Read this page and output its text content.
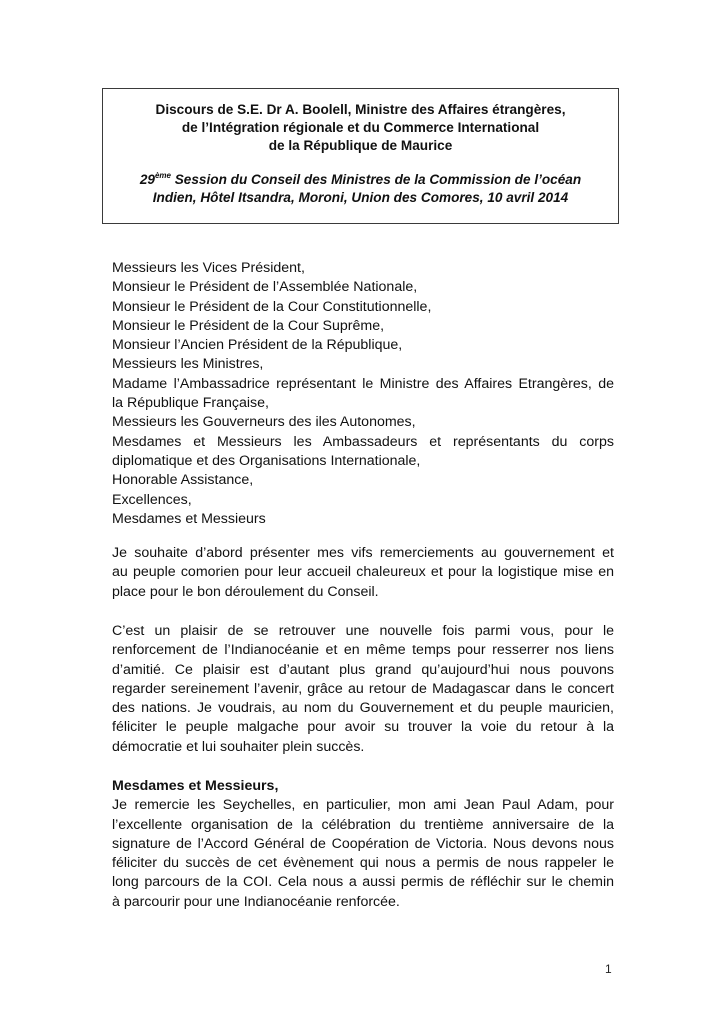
Discours de S.E. Dr A. Boolell, Ministre des Affaires étrangères,
de l’Intégration régionale et du Commerce International
de la République de Maurice
29ème Session du Conseil des Ministres de la Commission de l’océan
Indien, Hôtel Itsandra, Moroni, Union des Comores, 10 avril 2014
Messieurs les Vices Président,
Monsieur le Président de l’Assemblée Nationale,
Monsieur le Président de la Cour Constitutionnelle,
Monsieur le Président de la Cour Suprême,
Monsieur l’Ancien Président de la République,
Messieurs les Ministres,
Madame l’Ambassadrice représentant le Ministre des Affaires Etrangères, de
la République Française,
Messieurs les Gouverneurs des iles Autonomes,
Mesdames et Messieurs les Ambassadeurs et représentants du corps
diplomatique et des Organisations Internationale,
Honorable Assistance,
Excellences,
Mesdames et Messieurs
Je souhaite d’abord présenter mes vifs remerciements au gouvernement et
au peuple comorien pour leur accueil chaleureux et pour la logistique mise en
place pour le bon déroulement du Conseil.
C’est un plaisir de se retrouver une nouvelle fois parmi vous, pour le
renforcement de l’Indianocéanie et en même temps pour resserrer nos liens
d’amitié. Ce plaisir est d’autant plus grand qu’aujourd’hui nous pouvons
regarder sereinement l’avenir, grâce au retour de Madagascar dans le concert
des nations. Je voudrais, au nom du Gouvernement et du peuple mauricien,
féliciter le peuple malgache pour avoir su trouver la voie du retour à la
démocratie et lui souhaiter plein succès.
Mesdames et Messieurs,
Je remercie les Seychelles, en particulier, mon ami Jean Paul Adam, pour
l’excellente organisation de la célébration du trentième anniversaire de la
signature de l’Accord Général de Coopération de Victoria. Nous devons nous
féliciter du succès de cet évènement qui nous a permis de nous rappeler le
long parcours de la COI. Cela nous a aussi permis de réfléchir sur le chemin
à parcourir pour une Indianocéanie renforcée.
1
